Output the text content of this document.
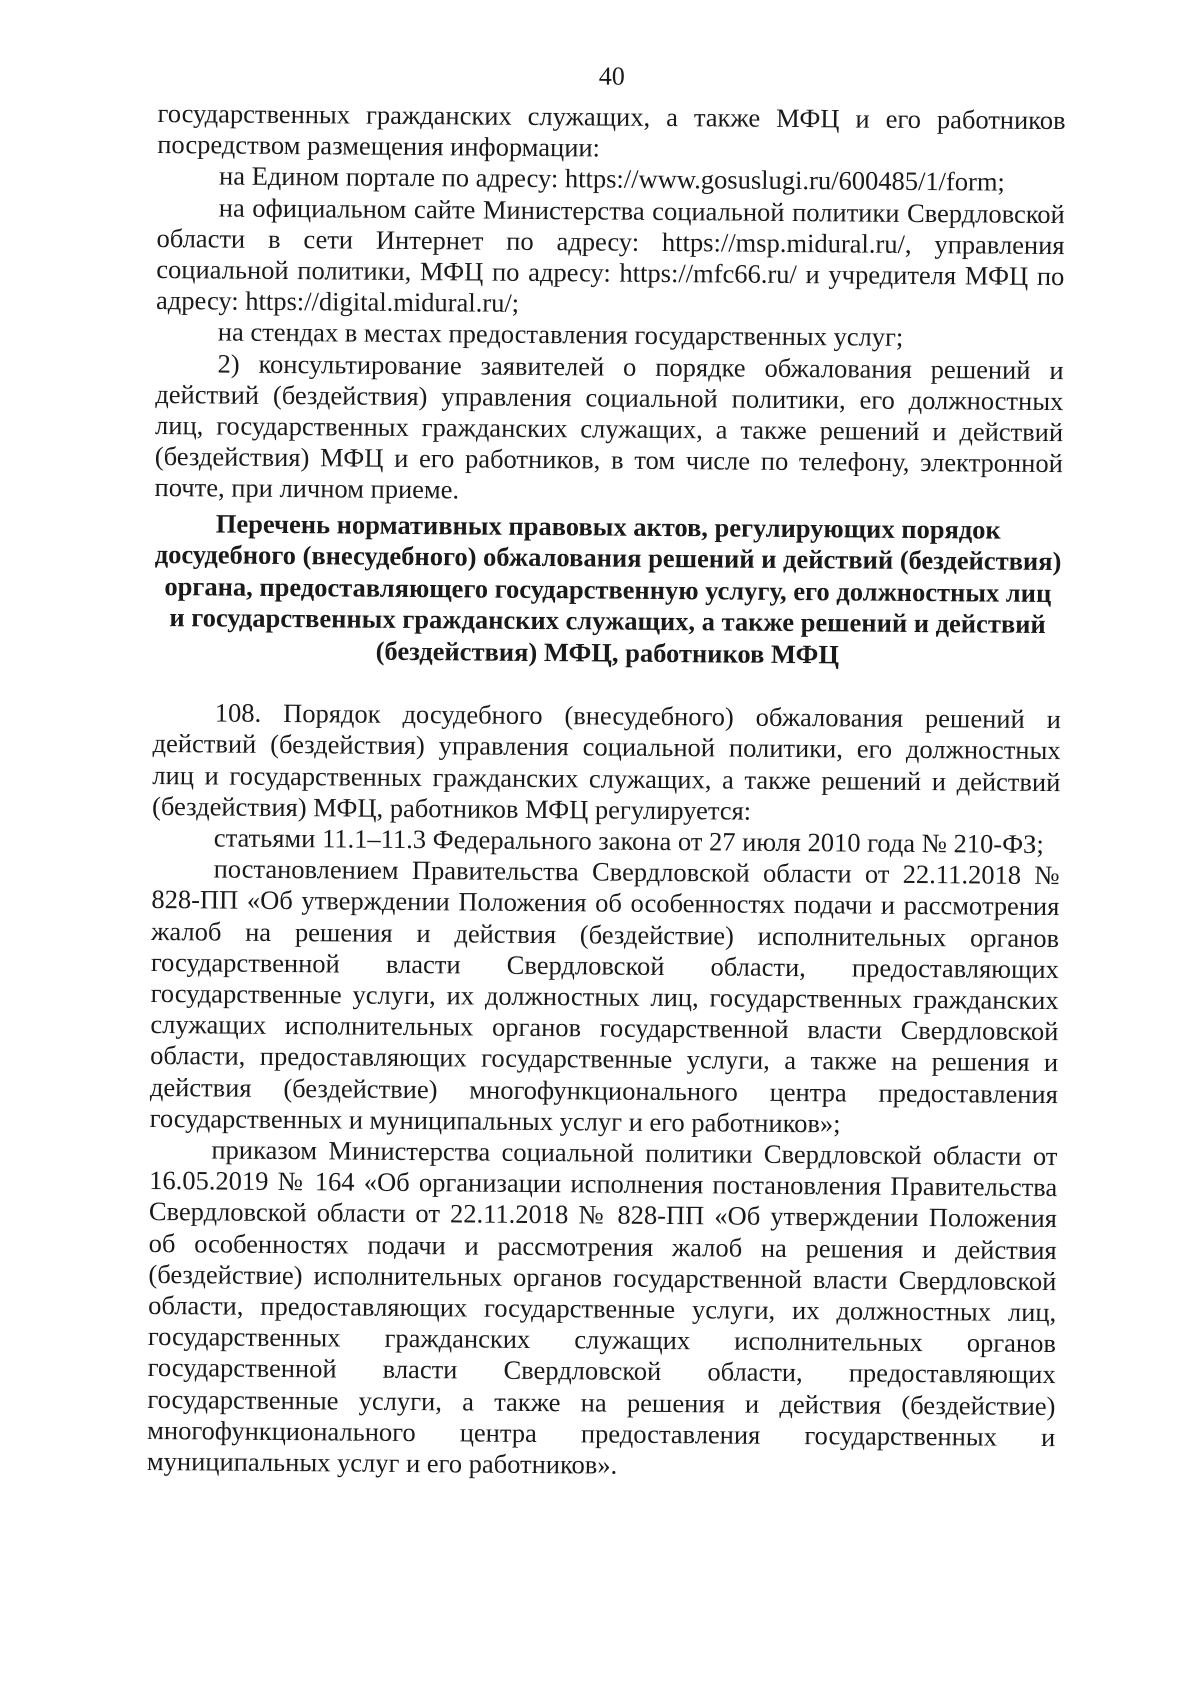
40

государственных гражданских служащих, а также МФЦ и его работников посредством размещения информации:

на Едином портале по адресу: https://www.gosuslugi.ru/600485/1/form;

на официальном сайте Министерства социальной политики Свердловской области в сети Интернет по адресу: https://msp.midural.ru/, управления социальной политики, МФЦ по адресу: https://mfc66.ru/ и учредителя МФЦ по адресу: https://digital.midural.ru/;

на стендах в местах предоставления государственных услуг;

2) консультирование заявителей о порядке обжалования решений и действий (бездействия) управления социальной политики, его должностных лиц, государственных гражданских служащих, а также решений и действий (бездействия) МФЦ и его работников, в том числе по телефону, электронной почте, при личном приеме.

Перечень нормативных правовых актов, регулирующих порядок
досудебного (внесудебного) обжалования решений и действий (бездействия)
органа, предоставляющего государственную услугу, его должностных лиц
и государственных гражданских служащих, а также решений и действий
(бездействия) МФЦ, работников МФЦ

108. Порядок досудебного (внесудебного) обжалования решений и действий (бездействия) управления социальной политики, его должностных лиц и государственных гражданских служащих, а также решений и действий (бездействия) МФЦ, работников МФЦ регулируется:

статьями 11.1–11.3 Федерального закона от 27 июля 2010 года № 210-ФЗ;

постановлением Правительства Свердловской области от 22.11.2018 № 828-ПП «Об утверждении Положения об особенностях подачи и рассмотрения жалоб на решения и действия (бездействие) исполнительных органов государственной власти Свердловской области, предоставляющих государственные услуги, их должностных лиц, государственных гражданских служащих исполнительных органов государственной власти Свердловской области, предоставляющих государственные услуги, а также на решения и действия (бездействие) многофункционального центра предоставления государственных и муниципальных услуг и его работников»;

приказом Министерства социальной политики Свердловской области от 16.05.2019 № 164 «Об организации исполнения постановления Правительства Свердловской области от 22.11.2018 № 828-ПП «Об утверждении Положения об особенностях подачи и рассмотрения жалоб на решения и действия (бездействие) исполнительных органов государственной власти Свердловской области, предоставляющих государственные услуги, их должностных лиц, государственных гражданских служащих исполнительных органов государственной власти Свердловской области, предоставляющих государственные услуги, а также на решения и действия (бездействие) многофункционального центра предоставления государственных и муниципальных услуг и его работников».
